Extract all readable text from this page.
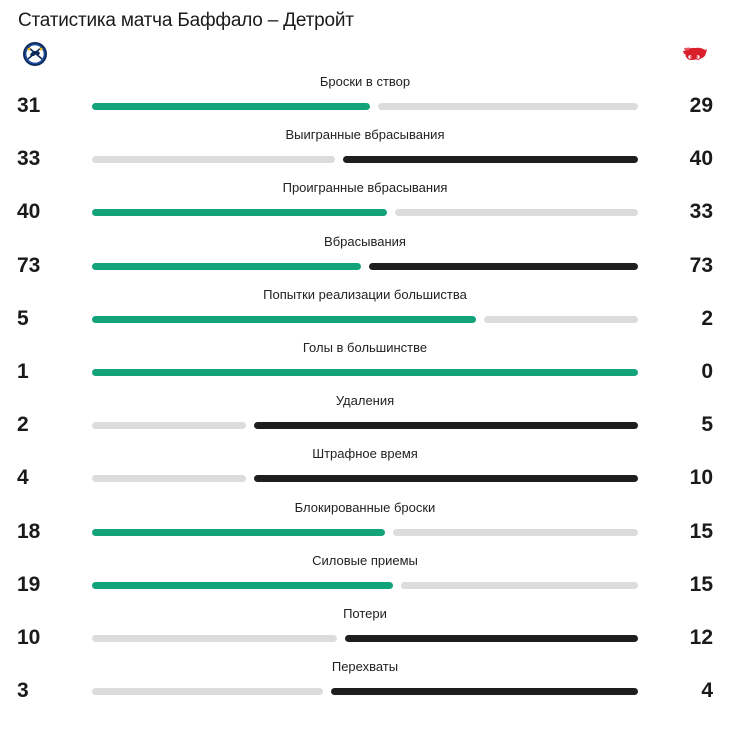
Статистика матча Баффало – Детройт
Броски в створ
31	29
Выигранные вбрасывания
33	40
Проигранные вбрасывания
40	33
Вбрасывания
73	73
Попытки реализации большиства
5	2
Голы в большинстве
1	0
Удаления
2	5
Штрафное время
4	10
Блокированные броски
18	15
Силовые приемы
19	15
Потери
10	12
Перехваты
3	4
